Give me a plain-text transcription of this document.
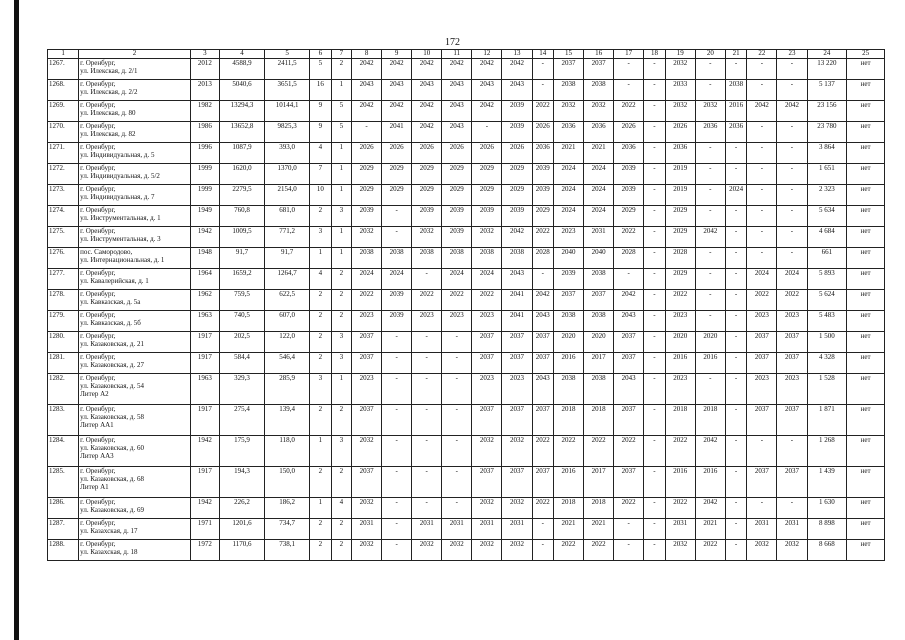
172
1	2	3	4	5	6	7	8	9	10	11	12	13	14	15	16	17	18	19	20	21	22	23	24	25
1267.	г. Оренбург,
ул. Илекская, д. 2/1	2012	4588,9	2411,5	5	2	2042	2042	2042	2042	2042	2042	-	2037	2037	-	-	2032	-	-	-	-	13 220	нет
1268.	г. Оренбург,
ул. Илекская, д. 2/2	2013	5040,6	3651,5	16	1	2043	2043	2043	2043	2043	2043	-	2038	2038	-	-	2033	-	2038	-	-	5 137	нет
1269.	г. Оренбург,
ул. Илекская, д. 80	1982	13294,3	10144,1	9	5	2042	2042	2042	2043	2042	2039	2022	2032	2032	2022	-	2032	2032	2016	2042	2042	23 156	нет
1270.	г. Оренбург,
ул. Илекская, д. 82	1986	13652,8	9825,3	9	5	-	2041	2042	2043	-	2039	2026	2036	2036	2026	-	2026	2036	2036	-	-	23 780	нет
1271.	г. Оренбург,
ул. Индивидуальная, д. 5	1996	1087,9	393,0	4	1	2026	2026	2026	2026	2026	2026	2036	2021	2021	2036	-	2036	-	-	-	-	3 864	нет
1272.	г. Оренбург,
ул. Индивидуальная, д. 5/2	1999	1620,0	1370,0	7	1	2029	2029	2029	2029	2029	2029	2039	2024	2024	2039	-	2019	-	-	-	-	1 651	нет
1273.	г. Оренбург,
ул. Индивидуальная, д. 7	1999	2279,5	2154,0	10	1	2029	2029	2029	2029	2029	2029	2039	2024	2024	2039	-	2019	-	2024	-	-	2 323	нет
1274.	г. Оренбург,
ул. Инструментальная, д. 1	1949	760,8	681,0	2	3	2039	-	2039	2039	2039	2039	2029	2024	2024	2029	-	2029	-	-	-	-	5 634	нет
1275.	г. Оренбург,
ул. Инструментальная, д. 3	1942	1009,5	771,2	3	1	2032	-	2032	2039	2032	2042	2022	2023	2031	2022	-	2029	2042	-	-	-	4 684	нет
1276.	пос. Самородово,
ул. Интернациональная, д. 1	1948	91,7	91,7	1	1	2038	2038	2038	2038	2038	2038	2028	2040	2040	2028	-	2028	-	-	-	-	661	нет
1277.	г. Оренбург,
ул. Кавалерийская, д. 1	1964	1659,2	1264,7	4	2	2024	2024	-	2024	2024	2043	-	2039	2038	-	-	2029	-	-	2024	2024	5 893	нет
1278.	г. Оренбург,
ул. Кавказская, д. 5а	1962	759,5	622,5	2	2	2022	2039	2022	2022	2022	2041	2042	2037	2037	2042	-	2022	-	-	2022	2022	5 624	нет
1279.	г. Оренбург,
ул. Кавказская, д. 5б	1963	740,5	607,0	2	2	2023	2039	2023	2023	2023	2041	2043	2038	2038	2043	-	2023	-	-	2023	2023	5 483	нет
1280.	г. Оренбург,
ул. Казаковская, д. 21	1917	202,5	122,0	2	3	2037	-	-	-	2037	2037	2037	2020	2020	2037	-	2020	2020	-	2037	2037	1 500	нет
1281.	г. Оренбург,
ул. Казаковская, д. 27	1917	584,4	546,4	2	3	2037	-	-	-	2037	2037	2037	2016	2017	2037	-	2016	2016	-	2037	2037	4 328	нет
1282.	г. Оренбург,
ул. Казаковская, д. 54
Литер А2	1963	329,3	285,9	3	1	2023	-	-	-	2023	2023	2043	2038	2038	2043	-	2023	-	-	2023	2023	1 528	нет
1283.	г. Оренбург,
ул. Казаковская, д. 58
Литер АА1	1917	275,4	139,4	2	2	2037	-	-	-	2037	2037	2037	2018	2018	2037	-	2018	2018	-	2037	2037	1 871	нет
1284.	г. Оренбург,
ул. Казаковская, д. 60
Литер АА3	1942	175,9	118,0	1	3	2032	-	-	-	2032	2032	2022	2022	2022	2022	-	2022	2042	-	-	-	1 268	нет
1285.	г. Оренбург,
ул. Казаковская, д. 68
Литер А1	1917	194,3	150,0	2	2	2037	-	-	-	2037	2037	2037	2016	2017	2037	-	2016	2016	-	2037	2037	1 439	нет
1286.	г. Оренбург,
ул. Казаковская, д. 69	1942	226,2	186,2	1	4	2032	-	-	-	2032	2032	2022	2018	2018	2022	-	2022	2042	-	-	-	1 630	нет
1287.	г. Оренбург,
ул. Казахская, д. 17	1971	1201,6	734,7	2	2	2031	-	2031	2031	2031	2031	-	2021	2021	-	-	2031	2021	-	2031	2031	8 898	нет
1288.	г. Оренбург,
ул. Казахская, д. 18	1972	1170,6	738,1	2	2	2032	-	2032	2032	2032	2032	-	2022	2022	-	-	2032	2022	-	2032	2032	8 668	нет
